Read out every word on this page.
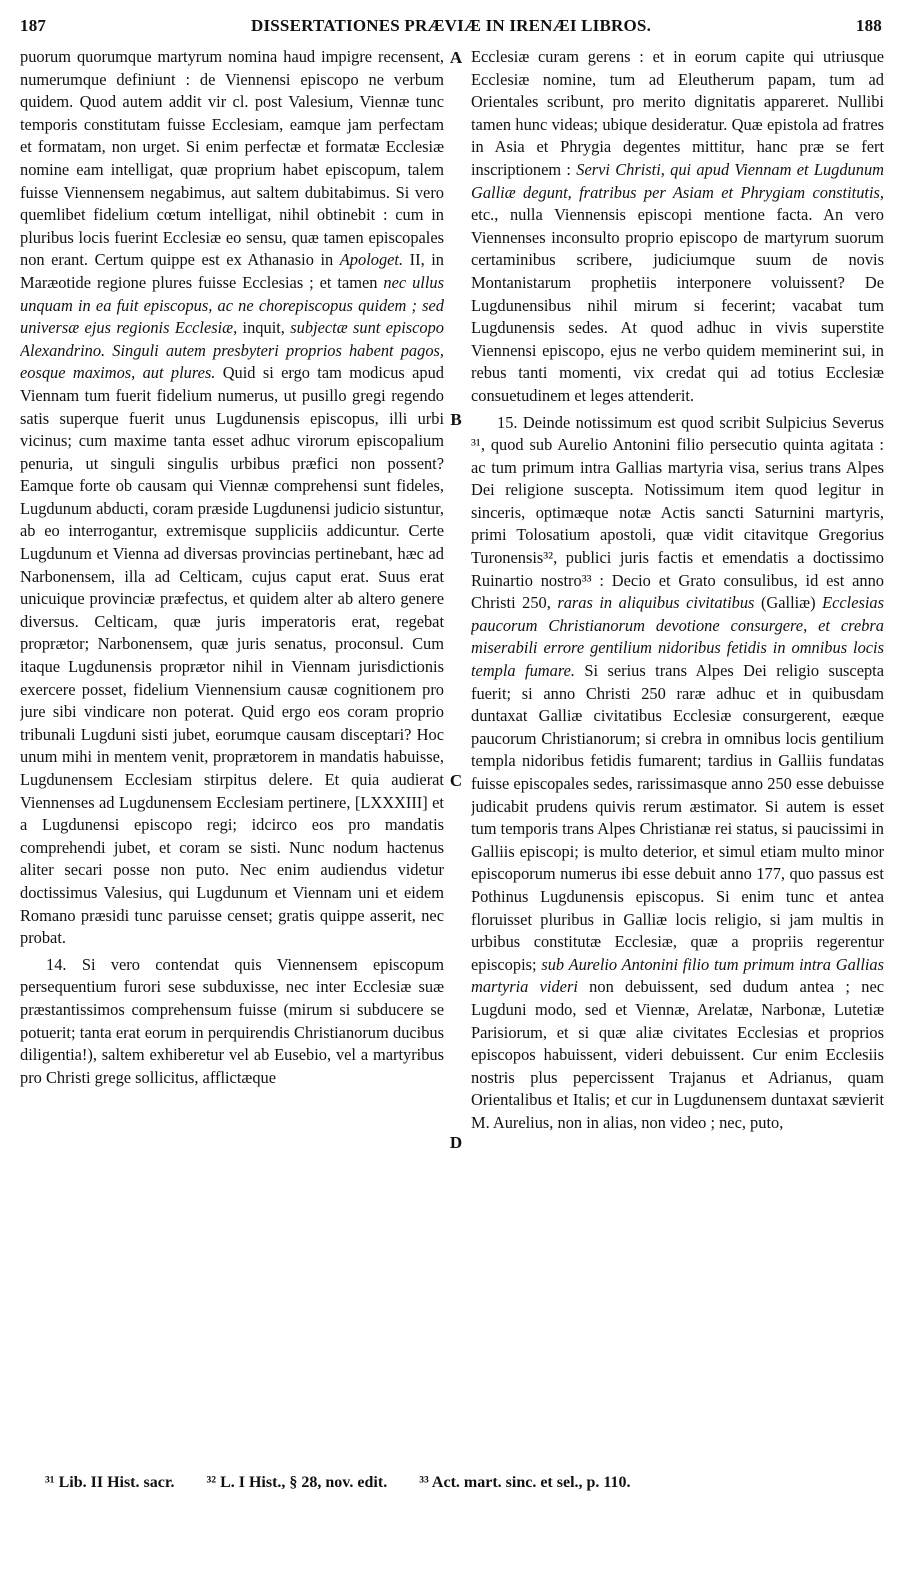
187	DISSERTATIONES PRÆVIÆ IN IRENÆI LIBROS.	188
A
B
C
D

puorum quorumque martyrum nomina haud impigre recensent, numerumque definiunt : de Viennensi episcopo ne verbum quidem. Quod autem addit vir cl. post Valesium, Viennæ tunc temporis constitutam fuisse Ecclesiam, eamque jam perfectam et formatam, non urget. Si enim perfectæ et formatæ Ecclesiæ nomine eam intelligat, quæ proprium habet episcopum, talem fuisse Viennensem negabimus, aut saltem dubitabimus. Si vero quemlibet fidelium cœtum intelligat, nihil obtinebit : cum in pluribus locis fuerint Ecclesiæ eo sensu, quæ tamen episcopales non erant. Certum quippe est ex Athanasio in Apologet. II, in Maræotide regione plures fuisse Ecclesias ; et tamen nec ullus unquam in ea fuit episcopus, ac ne chorepiscopus quidem ; sed universæ ejus regionis Ecclesiæ, inquit, subjectæ sunt episcopo Alexandrino. Singuli autem presbyteri proprios habent pagos, eosque maximos, aut plures. Quid si ergo tam modicus apud Viennam tum fuerit fidelium numerus, ut pusillo gregi regendo satis superque fuerit unus Lugdunensis episcopus, illi urbi vicinus; cum maxime tanta esset adhuc virorum episcopalium penuria, ut singuli singulis urbibus præfici non possent? Eamque forte ob causam qui Viennæ comprehensi sunt fideles, Lugdunum abducti, coram præside Lugdunensi judicio sistuntur, ab eo interrogantur, extremisque suppliciis addicuntur. Certe Lugdunum et Vienna ad diversas provincias pertinebant, hæc ad Narbonensem, illa ad Celticam, cujus caput erat. Suus erat unicuique provinciæ præfectus, et quidem alter ab altero genere diversus. Celticam, quæ juris imperatoris erat, regebat proprætor; Narbonensem, quæ juris senatus, proconsul. Cum itaque Lugdunensis proprætor nihil in Viennam jurisdictionis exercere posset, fidelium Viennensium causæ cognitionem pro jure sibi vindicare non poterat. Quid ergo eos coram proprio tribunali Lugduni sisti jubet, eorumque causam disceptari? Hoc unum mihi in mentem venit, proprætorem in mandatis habuisse, Lugdunensem Ecclesiam stirpitus delere. Et quia audierat Viennenses ad Lugdunensem Ecclesiam pertinere, [LXXXIII] et a Lugdunensi episcopo regi; idcirco eos pro mandatis comprehendi jubet, et coram se sisti. Nunc nodum hactenus aliter secari posse non puto. Nec enim audiendus videtur doctissimus Valesius, qui Lugdunum et Viennam uni et eidem Romano præsidi tunc paruisse censet; gratis quippe asserit, nec probat.

14. Si vero contendat quis Viennensem episcopum persequentium furori sese subduxisse, nec inter Ecclesiæ suæ præstantissimos comprehensum fuisse (mirum si subducere se potuerit; tanta erat eorum in perquirendis Christianorum ducibus diligentia!), saltem exhiberetur vel ab Eusebio, vel a martyribus pro Christi grege sollicitus, afflictæque

Ecclesiæ curam gerens : et in eorum capite qui utriusque Ecclesiæ nomine, tum ad Eleutherum papam, tum ad Orientales scribunt, pro merito dignitatis appareret. Nullibi tamen hunc videas; ubique desideratur. Quæ epistola ad fratres in Asia et Phrygia degentes mittitur, hanc præ se fert inscriptionem : Servi Christi, qui apud Viennam et Lugdunum Galliæ degunt, fratribus per Asiam et Phrygiam constitutis, etc., nulla Viennensis episcopi mentione facta. An vero Viennenses inconsulto proprio episcopo de martyrum suorum certaminibus scribere, judiciumque suum de novis Montanistarum prophetiis interponere voluissent? De Lugdunensibus nihil mirum si fecerint; vacabat tum Lugdunensis sedes. At quod adhuc in vivis superstite Viennensi episcopo, ejus ne verbo quidem meminerint sui, in rebus tanti momenti, vix credat qui ad totius Ecclesiæ consuetudinem et leges attenderit.

15. Deinde notissimum est quod scribit Sulpicius Severus ³¹, quod sub Aurelio Antonini filio persecutio quinta agitata : ac tum primum intra Gallias martyria visa, serius trans Alpes Dei religione suscepta. Notissimum item quod legitur in sinceris, optimæque notæ Actis sancti Saturnini martyris, primi Tolosatium apostoli, quæ vidit citavitque Gregorius Turonensis³², publici juris factis et emendatis a doctissimo Ruinartio nostro³³ : Decio et Grato consulibus, id est anno Christi 250, raras in aliquibus civitatibus (Galliæ) Ecclesias paucorum Christianorum devotione consurgere, et crebra miserabili errore gentilium nidoribus fetidis in omnibus locis templa fumare. Si serius trans Alpes Dei religio suscepta fuerit; si anno Christi 250 raræ adhuc et in quibusdam duntaxat Galliæ civitatibus Ecclesiæ consurgerent, eæque paucorum Christianorum; si crebra in omnibus locis gentilium templa nidoribus fetidis fumarent; tardius in Galliis fundatas fuisse episcopales sedes, rarissimasque anno 250 esse debuisse judicabit prudens quivis rerum æstimator. Si autem is esset tum temporis trans Alpes Christianæ rei status, si paucissimi in Galliis episcopi; is multo deterior, et simul etiam multo minor episcoporum numerus ibi esse debuit anno 177, quo passus est Pothinus Lugdunensis episcopus. Si enim tunc et antea floruisset pluribus in Galliæ locis religio, si jam multis in urbibus constitutæ Ecclesiæ, quæ a propriis regerentur episcopis; sub Aurelio Antonini filio tum primum intra Gallias martyria videri non debuissent, sed dudum antea ; nec Lugduni modo, sed et Viennæ, Arelatæ, Narbonæ, Lutetiæ Parisiorum, et si quæ aliæ civitates Ecclesias et proprios episcopos habuissent, videri debuissent. Cur enim Ecclesiis nostris plus pepercissent Trajanus et Adrianus, quam Orientalibus et Italis; et cur in Lugdunensem duntaxat sævierit M. Aurelius, non in alias, non video ; nec, puto,

³¹ Lib. II Hist. sacr. ³² L. I Hist., § 28, nov. edit. ³³ Act. mart. sinc. et sel., p. 110.
